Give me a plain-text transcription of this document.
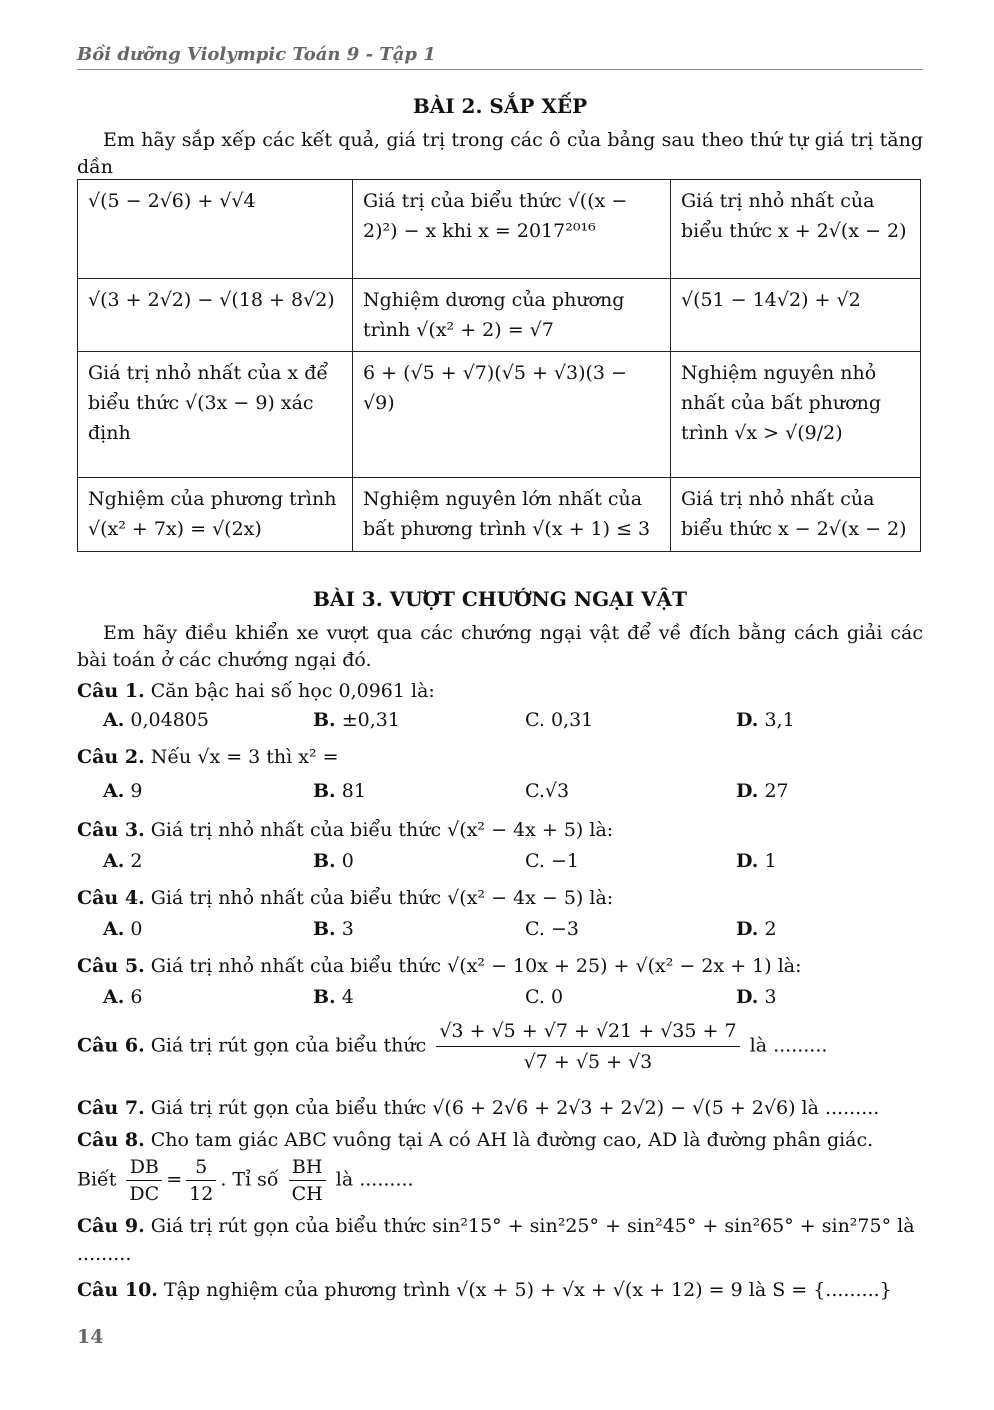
Bồi dưỡng Violympic Toán 9 - Tập 1
BÀI 2. SẮP XẾP
Em hãy sắp xếp các kết quả, giá trị trong các ô của bảng sau theo thứ tự giá trị tăng dần
√(5 − 2√6) + √√4	Giá trị của biểu thức √((x − 2)²) − x khi x = 2017²⁰¹⁶	Giá trị nhỏ nhất của biểu thức x + 2√(x − 2)
√(3 + 2√2) − √(18 + 8√2)	Nghiệm dương của phương trình √(x² + 2) = √7	√(51 − 14√2) + √2
Giá trị nhỏ nhất của x để biểu thức √(3x − 9) xác định	6 + (√5 + √7)(√5 + √3)(3 − √9)	Nghiệm nguyên nhỏ nhất của bất phương trình √x > √(9/2)
Nghiệm của phương trình √(x² + 7x) = √(2x)	Nghiệm nguyên lớn nhất của bất phương trình √(x + 1) ≤ 3	Giá trị nhỏ nhất của biểu thức x − 2√(x − 2)
BÀI 3. VƯỢT CHƯỚNG NGẠI VẬT
Em hãy điều khiển xe vượt qua các chướng ngại vật để về đích bằng cách giải các bài toán ở các chướng ngại đó.
Câu 1. Căn bậc hai số học 0,0961 là:
A. 0,04805	B. ±0,31	C. 0,31	D. 3,1
Câu 2. Nếu √x = 3 thì x² =
A. 9	B. 81	C.√3	D. 27
Câu 3. Giá trị nhỏ nhất của biểu thức √(x² − 4x + 5) là:
A. 2	B. 0	C. −1	D. 1
Câu 4. Giá trị nhỏ nhất của biểu thức √(x² − 4x − 5) là:
A. 0	B. 3	C. −3	D. 2
Câu 5. Giá trị nhỏ nhất của biểu thức √(x² − 10x + 25) + √(x² − 2x + 1) là:
A. 6	B. 4	C. 0	D. 3
Câu 6. Giá trị rút gọn của biểu thức $\frac{√3 + √5 + √7 + √21 + √35 + 7}{√7 + √5 + √3}$ là .........
Câu 7. Giá trị rút gọn của biểu thức √(6 + 2√6 + 2√3 + 2√2) − √(5 + 2√6) là .........
Câu 8. Cho tam giác ABC vuông tại A có AH là đường cao, AD là đường phân giác.
Biết $\frac{DB}{DC} = \frac{5}{12}$ . Tỉ số $\frac{BH}{CH}$ là .........
Câu 9. Giá trị rút gọn của biểu thức sin²15° + sin²25° + sin²45° + sin²65° + sin²75° là
.........
Câu 10. Tập nghiệm của phương trình √(x + 5) + √x + √(x + 12) = 9 là S = {.........}
14
